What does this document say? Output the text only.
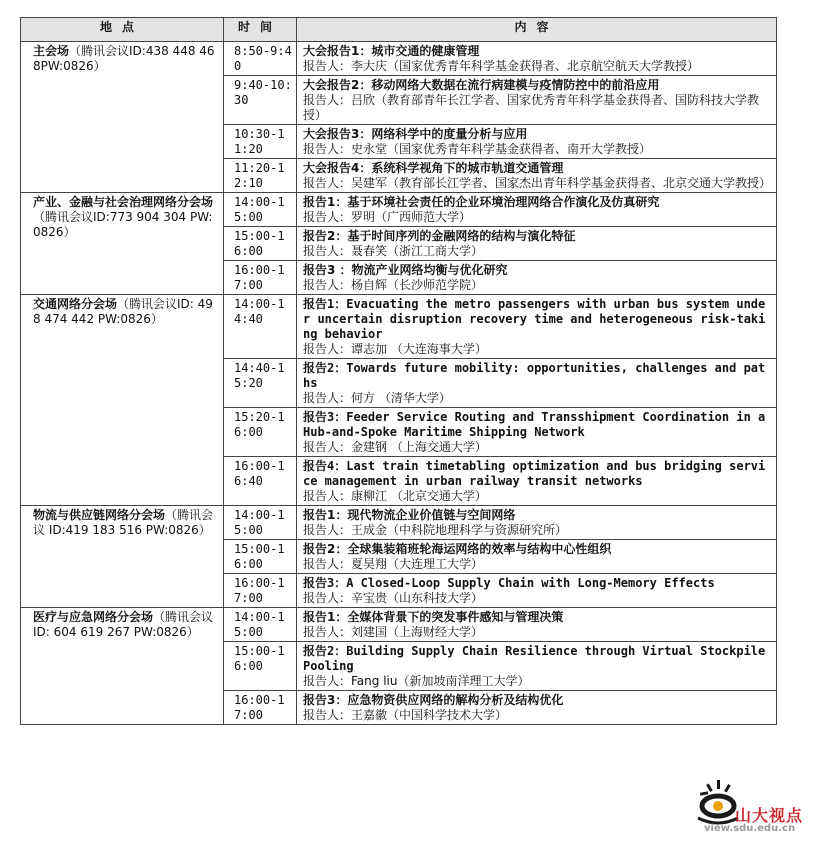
地点	时间	内容
主会场（腾讯会议ID:438 448 468PW:0826）	8:50-9:40	大会报告1：城市交通的健康管理
报告人：李大庆（国家优秀青年科学基金获得者、北京航空航天大学教授）

	9:40-10:30	大会报告2：移动网络大数据在流行病建模与疫情防控中的前沿应用
报告人：吕欣（教育部青年长江学者、国家优秀青年科学基金获得者、国防科技大学教授）

	10:30-11:20	大会报告3：网络科学中的度量分析与应用
报告人：史永堂（国家优秀青年科学基金获得者、南开大学教授）

	11:20-12:10	大会报告4：系统科学视角下的城市轨道交通管理
报告人：吴建军（教育部长江学者、国家杰出青年科学基金获得者、北京交通大学教授）

产业、金融与社会治理网络分会场（腾讯会议ID:773 904 304 PW:0826）	14:00-15:00	报告1：基于环境社会责任的企业环境治理网络合作演化及仿真研究
报告人：罗明（广西师范大学）

	15:00-16:00	报告2：基于时间序列的金融网络的结构与演化特征
报告人：聂春笑（浙江工商大学）

	16:00-17:00	报告3 ：物流产业网络均衡与优化研究
报告人：杨自辉（长沙师范学院）

交通网络分会场（腾讯会议ID: 498 474 442 PW:0826）	14:00-14:40	报告1：Evacuating the metro passengers with urban bus system under uncertain disruption recovery time and heterogeneous risk-taking behavior
报告人：谭志加 （大连海事大学）

	14:40-15:20	报告2：Towards future mobility: opportunities, challenges and paths
报告人：何方 （清华大学）

	15:20-16:00	报告3：Feeder Service Routing and Transshipment Coordination in a Hub-and-Spoke Maritime Shipping Network
报告人：金建钢 （上海交通大学）

	16:00-16:40	报告4：Last train timetabling optimization and bus bridging service management in urban railway transit networks
报告人：康柳江 （北京交通大学）

物流与供应链网络分会场（腾讯会议 ID:419 183 516 PW:0826）	14:00-15:00	报告1：现代物流企业价值链与空间网络
报告人：王成金（中科院地理科学与资源研究所）

	15:00-16:00	报告2：全球集装箱班轮海运网络的效率与结构中心性组织
报告人：夏昊翔（大连理工大学）

	16:00-17:00	报告3：A Closed-Loop Supply Chain with Long-Memory Effects
报告人：辛宝贵（山东科技大学）

医疗与应急网络分会场（腾讯会议 ID: 604 619 267 PW:0826）	14:00-15:00	报告1：全媒体背景下的突发事件感知与管理决策
报告人：刘建国（上海财经大学）

	15:00-16:00	报告2：Building Supply Chain Resilience through Virtual Stockpile Pooling
报告人：Fang liu（新加坡南洋理工大学）

	16:00-17:00	报告3：应急物资供应网络的解构分析及结构优化
报告人：王嘉徽（中国科学技术大学）
山大视点
view.sdu.edu.cn
